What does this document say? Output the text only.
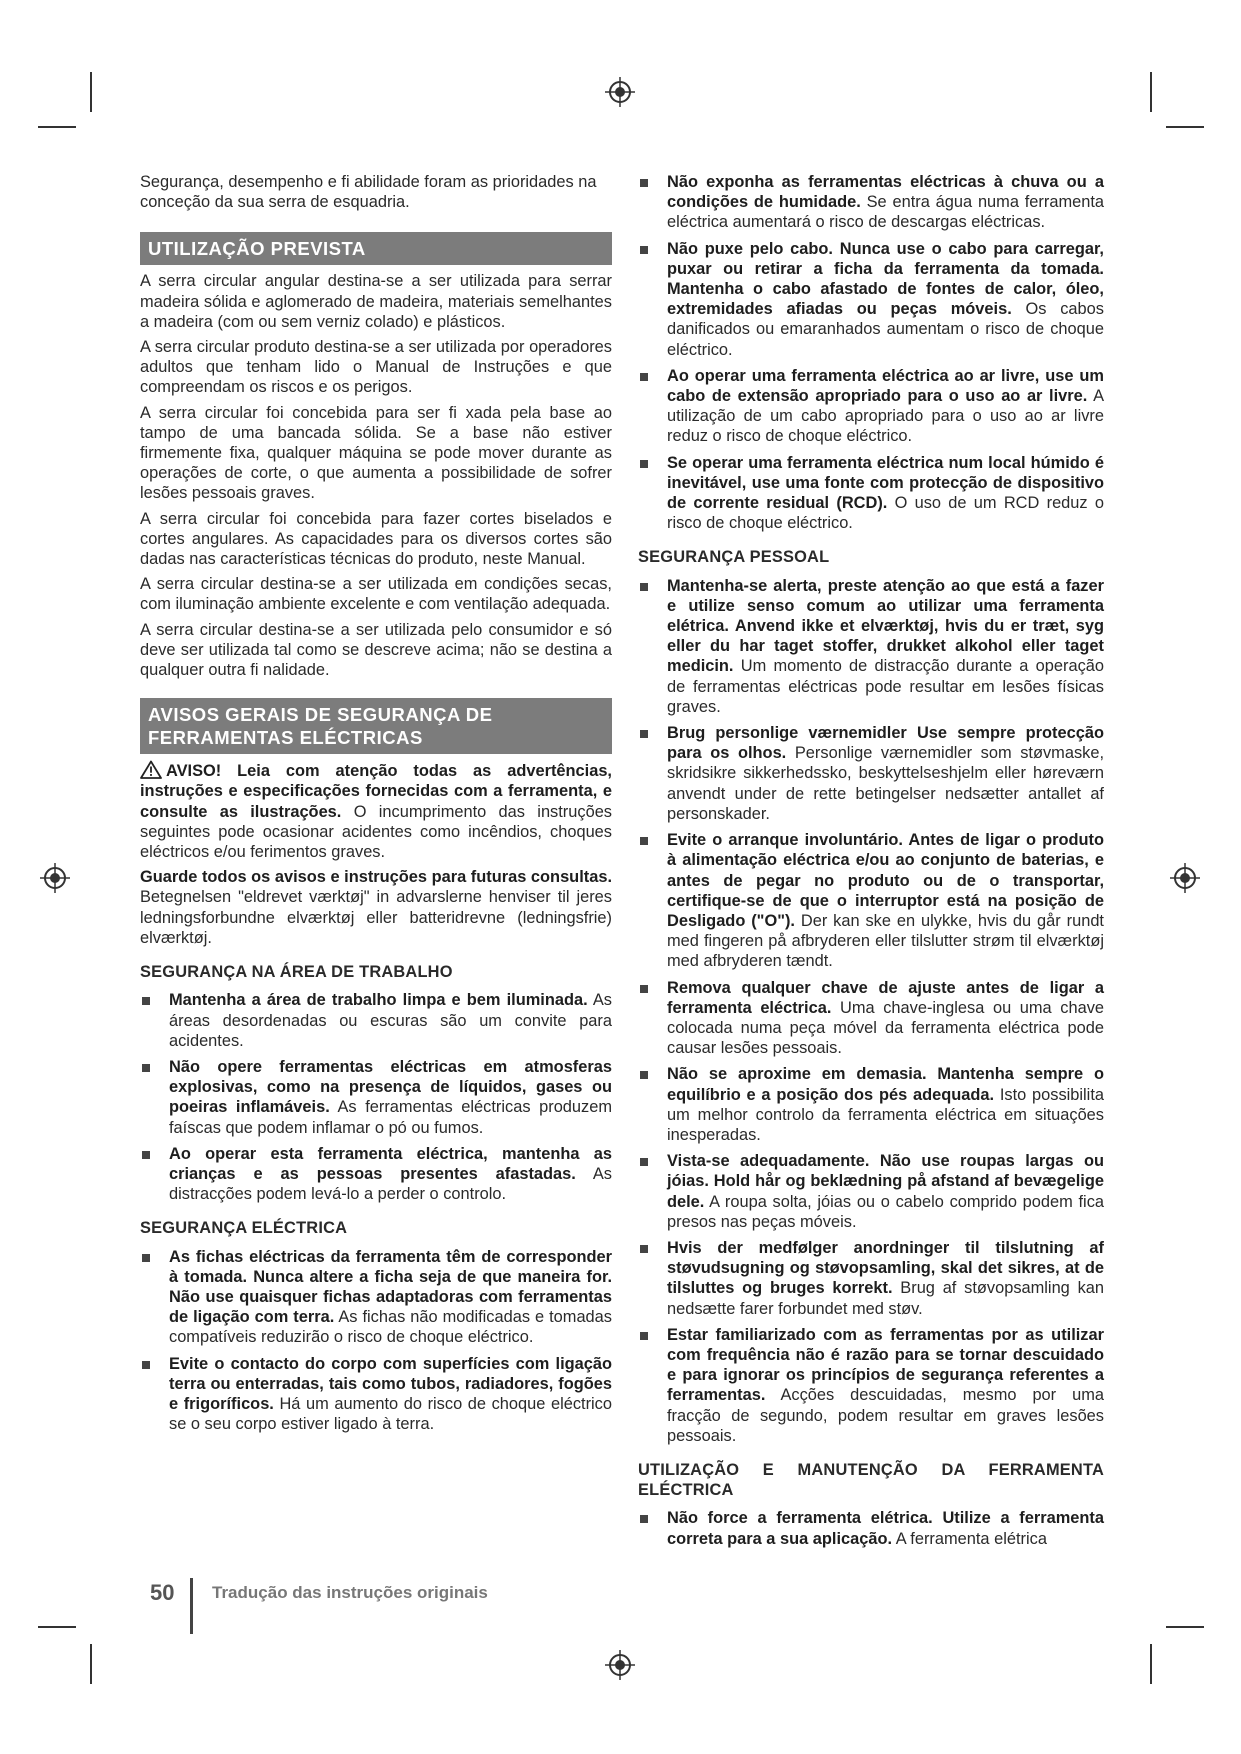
Segurança, desempenho e fi abilidade foram as prioridades na conceção da sua serra de esquadria.

UTILIZAÇÃO PREVISTA

A serra circular angular destina-se a ser utilizada para serrar madeira sólida e aglomerado de madeira, materiais semelhantes a madeira (com ou sem verniz colado) e plásticos.

A serra circular produto destina-se a ser utilizada por operadores adultos que tenham lido o Manual de Instruções e que compreendam os riscos e os perigos.

A serra circular foi concebida para ser fi xada pela base ao tampo de uma bancada sólida. Se a base não estiver firmemente fixa, qualquer máquina se pode mover durante as operações de corte, o que aumenta a possibilidade de sofrer lesões pessoais graves.

A serra circular foi concebida para fazer cortes biselados e cortes angulares. As capacidades para os diversos cortes são dadas nas características técnicas do produto, neste Manual.

A serra circular destina-se a ser utilizada em condições secas, com iluminação ambiente excelente e com ventilação adequada.

A serra circular destina-se a ser utilizada pelo consumidor e só deve ser utilizada tal como se descreve acima; não se destina a qualquer outra fi nalidade.

AVISOS GERAIS DE SEGURANÇA DE
FERRAMENTAS ELÉCTRICAS

AVISO! Leia com atenção todas as advertências, instruções e especificações fornecidas com a ferramenta, e consulte as ilustrações. O incumprimento das instruções seguintes pode ocasionar acidentes como incêndios, choques eléctricos e/ou ferimentos graves.

Guarde todos os avisos e instruções para futuras consultas. Betegnelsen "eldrevet værktøj" in advarslerne henviser til jeres ledningsforbundne elværktøj eller batteridrevne (ledningsfrie) elværktøj.

SEGURANÇA NA ÁREA DE TRABALHO
Mantenha a área de trabalho limpa e bem iluminada. As áreas desordenadas ou escuras são um convite para acidentes.
Não opere ferramentas eléctricas em atmosferas explosivas, como na presença de líquidos, gases ou poeiras inflamáveis. As ferramentas eléctricas produzem faíscas que podem inflamar o pó ou fumos.
Ao operar esta ferramenta eléctrica, mantenha as crianças e as pessoas presentes afastadas. As distracções podem levá-lo a perder o controlo.
SEGURANÇA ELÉCTRICA
As fichas eléctricas da ferramenta têm de corresponder à tomada. Nunca altere a ficha seja de que maneira for. Não use quaisquer fichas adaptadoras com ferramentas de ligação com terra. As fichas não modificadas e tomadas compatíveis reduzirão o risco de choque eléctrico.
Evite o contacto do corpo com superfícies com ligação terra ou enterradas, tais como tubos, radiadores, fogões e frigoríficos. Há um aumento do risco de choque eléctrico se o seu corpo estiver ligado à terra.
Não exponha as ferramentas eléctricas à chuva ou a condições de humidade. Se entra água numa ferramenta eléctrica aumentará o risco de descargas eléctricas.
Não puxe pelo cabo. Nunca use o cabo para carregar, puxar ou retirar a ficha da ferramenta da tomada. Mantenha o cabo afastado de fontes de calor, óleo, extremidades afiadas ou peças móveis. Os cabos danificados ou emaranhados aumentam o risco de choque eléctrico.
Ao operar uma ferramenta eléctrica ao ar livre, use um cabo de extensão apropriado para o uso ao ar livre. A utilização de um cabo apropriado para o uso ao ar livre reduz o risco de choque eléctrico.
Se operar uma ferramenta eléctrica num local húmido é inevitável, use uma fonte com protecção de dispositivo de corrente residual (RCD). O uso de um RCD reduz o risco de choque eléctrico.
SEGURANÇA PESSOAL
Mantenha-se alerta, preste atenção ao que está a fazer e utilize senso comum ao utilizar uma ferramenta elétrica. Anvend ikke et elværktøj, hvis du er træt, syg eller du har taget stoffer, drukket alkohol eller taget medicin. Um momento de distracção durante a operação de ferramentas eléctricas pode resultar em lesões físicas graves.
Brug personlige værnemidler Use sempre protecção para os olhos. Personlige værnemidler som støvmaske, skridsikre sikkerhedssko, beskyttelseshjelm eller høreværn anvendt under de rette betingelser nedsætter antallet af personskader.
Evite o arranque involuntário. Antes de ligar o produto à alimentação eléctrica e/ou ao conjunto de baterias, e antes de pegar no produto ou de o transportar, certifique-se de que o interruptor está na posição de Desligado ("O"). Der kan ske en ulykke, hvis du går rundt med fingeren på afbryderen eller tilslutter strøm til elværktøj med afbryderen tændt.
Remova qualquer chave de ajuste antes de ligar a ferramenta eléctrica. Uma chave-inglesa ou uma chave colocada numa peça móvel da ferramenta eléctrica pode causar lesões pessoais.
Não se aproxime em demasia. Mantenha sempre o equilíbrio e a posição dos pés adequada. Isto possibilita um melhor controlo da ferramenta eléctrica em situações inesperadas.
Vista-se adequadamente. Não use roupas largas ou jóias. Hold hår og beklædning på afstand af bevægelige dele. A roupa solta, jóias ou o cabelo comprido podem fica presos nas peças móveis.
Hvis der medfølger anordninger til tilslutning af støvudsugning og støvopsamling, skal det sikres, at de tilsluttes og bruges korrekt. Brug af støvopsamling kan nedsætte farer forbundet med støv.
Estar familiarizado com as ferramentas por as utilizar com frequência não é razão para se tornar descuidado e para ignorar os princípios de segurança referentes a ferramentas. Acções descuidadas, mesmo por uma fracção de segundo, podem resultar em graves lesões pessoais.
UTILIZAÇÃO E MANUTENÇÃO DA FERRAMENTA ELÉCTRICA
Não force a ferramenta elétrica. Utilize a ferramenta correta para a sua aplicação. A ferramenta elétrica
50 Tradução das instruções originais
